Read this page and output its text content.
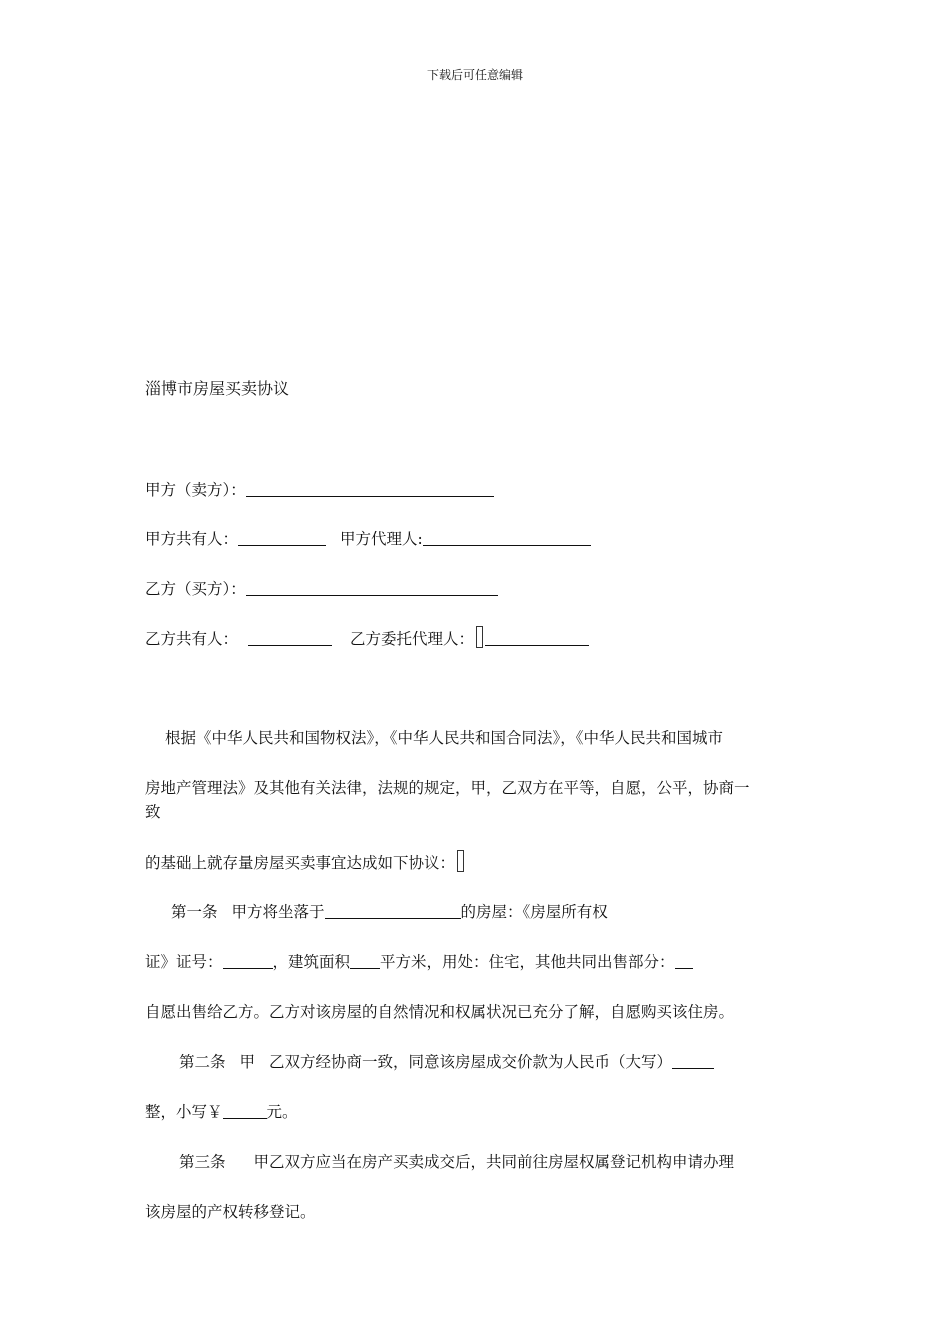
下载后可任意编辑
淄博市房屋买卖协议
甲方（卖方）：
甲方共有人：	甲方代理人:
乙方（买方）：
乙方共有人：	乙方委托代理人：
根据《中华人民共和国物权法》，《中华人民共和国合同法》，《中华人民共和国城市
房地产管理法》及其他有关法律，法规的规定，甲，乙双方在平等，自愿，公平，协商一
致
的基础上就存量房屋买卖事宜达成如下协议：
第一条 甲方将坐落于	的房屋：《房屋所有权
证》证号：	，建筑面积 平方米，用处：住宅，其他共同出售部分：
自愿出售给乙方。乙方对该房屋的自然情况和权属状况已充分了解，自愿购买该住房。
第二条 甲 乙双方经协商一致，同意该房屋成交价款为人民币（大写）
整，小写￥	元。
第三条 甲乙双方应当在房产买卖成交后，共同前往房屋权属登记机构申请办理
该房屋的产权转移登记。
